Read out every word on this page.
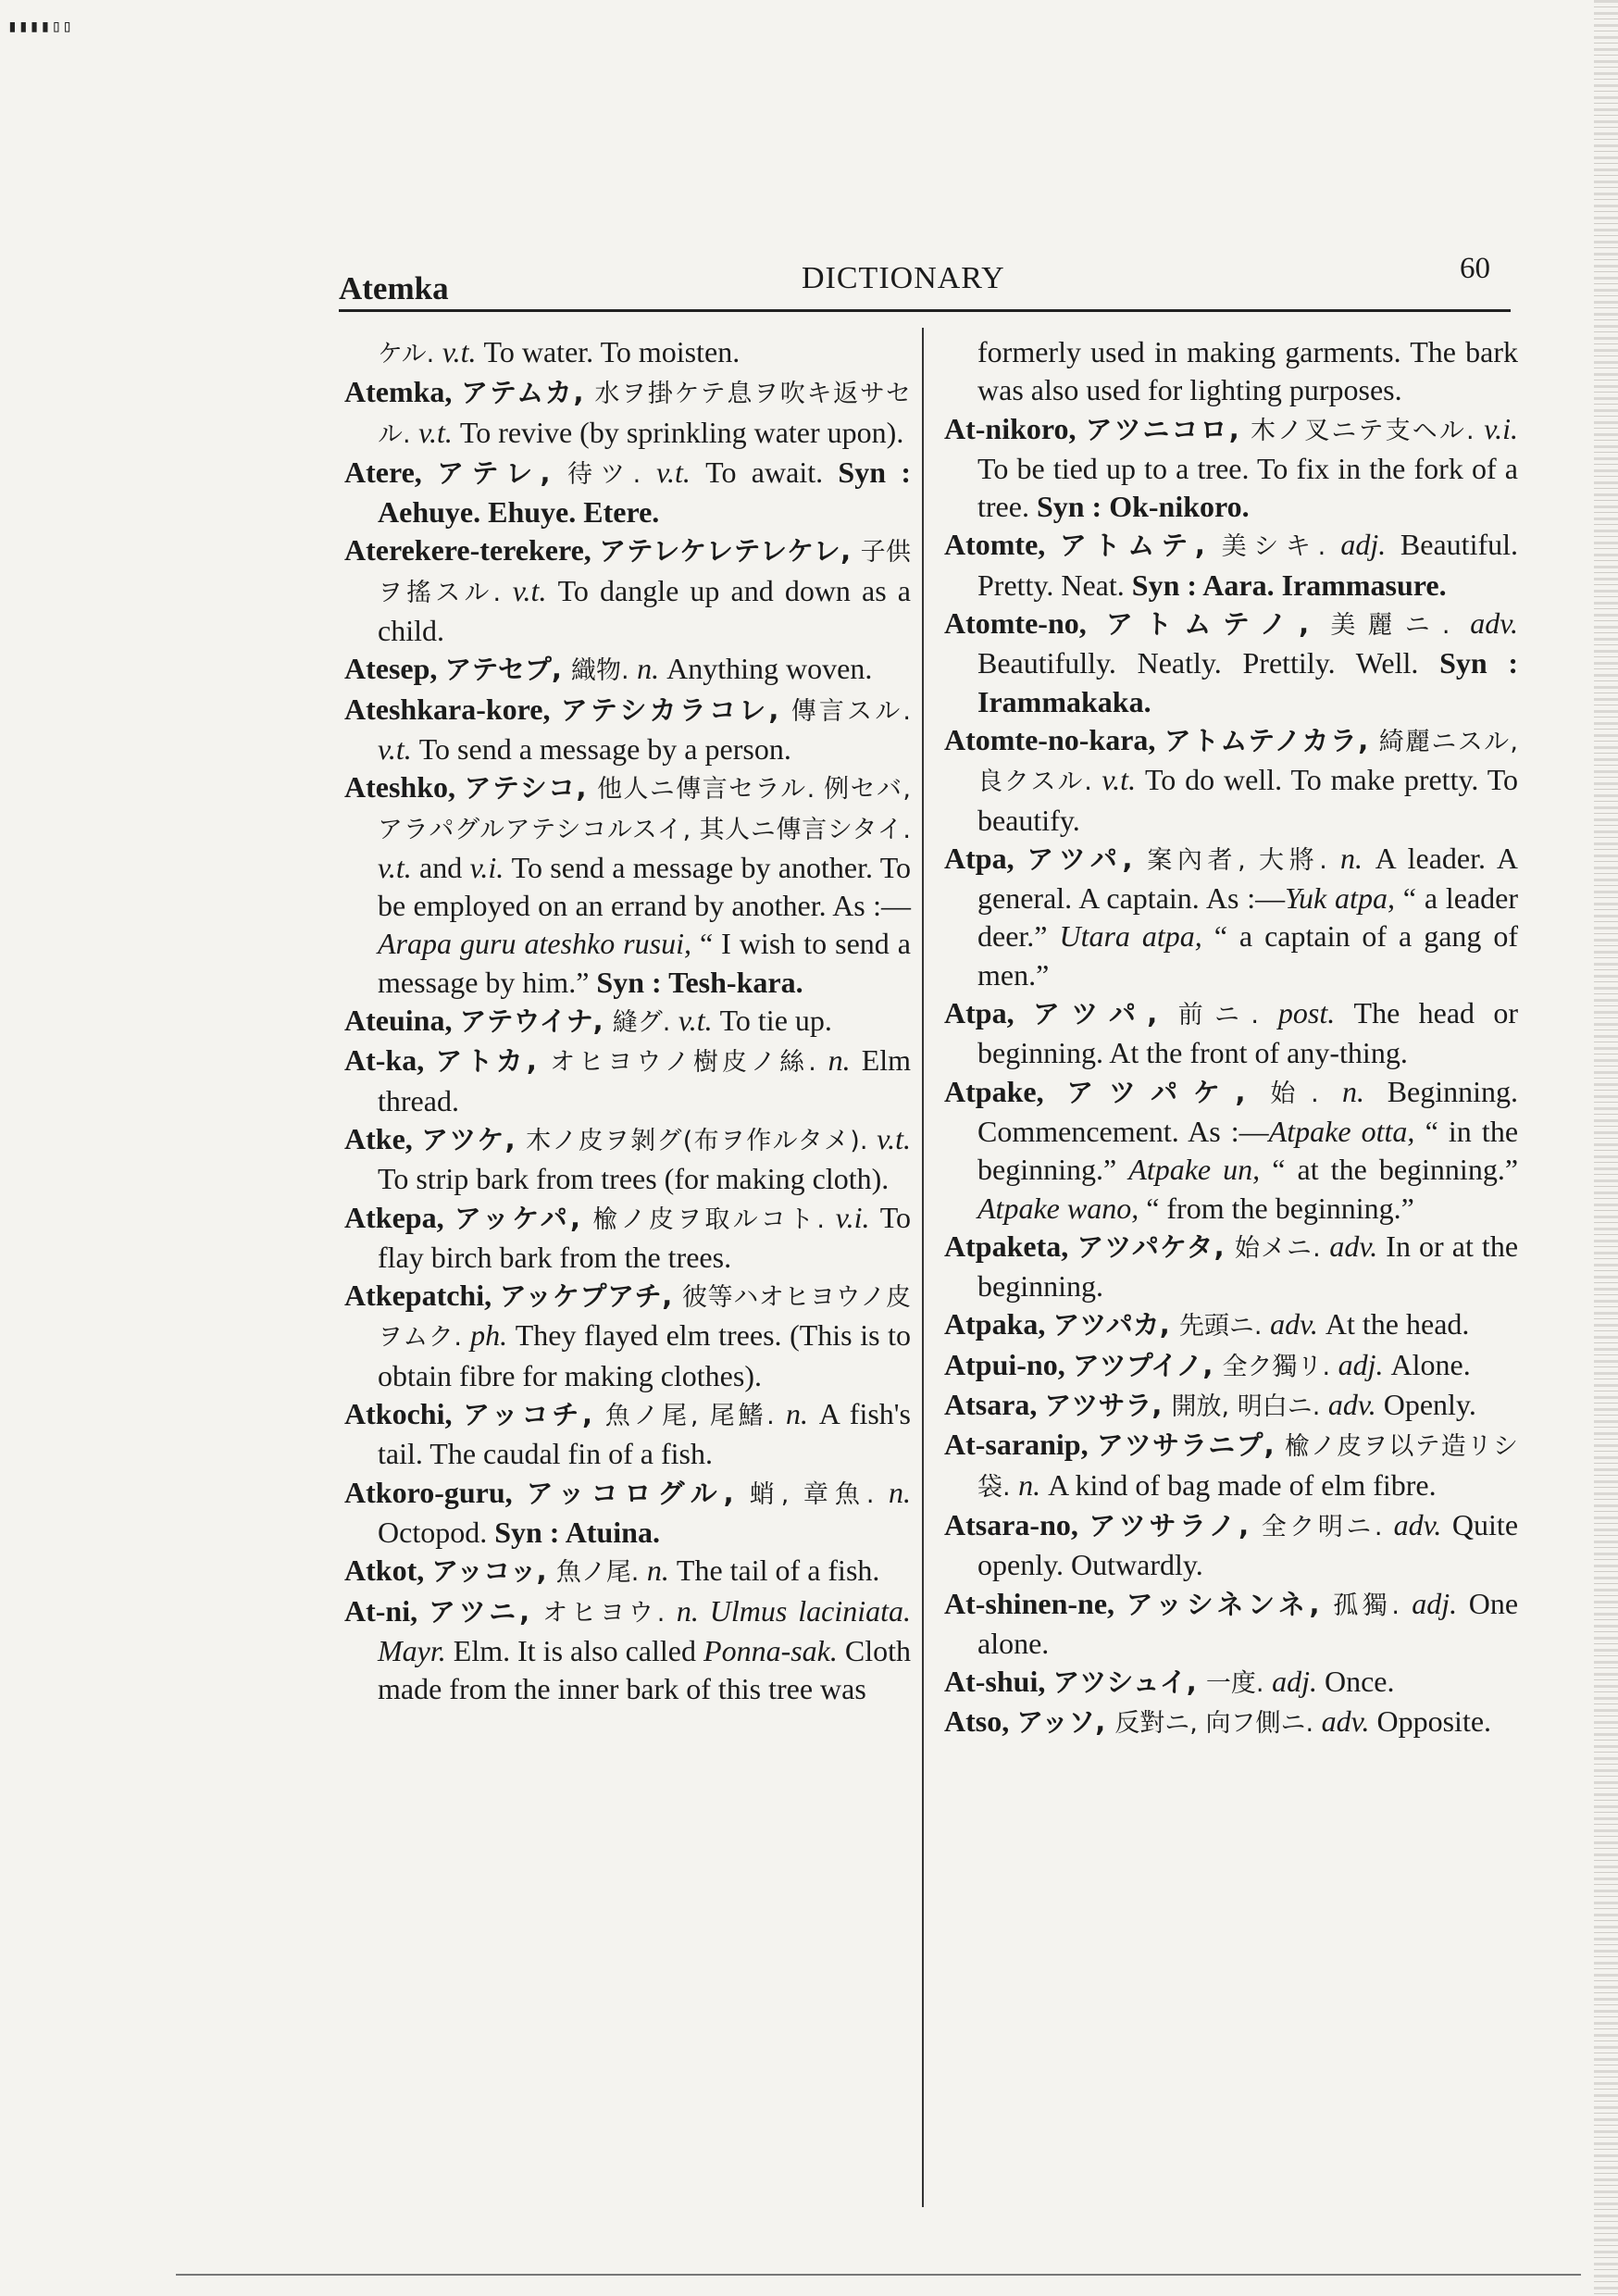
▮▮▮▮▯▯
Atemka	DICTIONARY	60

ケル. v.t. To water. To moisten.

Atemka, アテムカ, 水ヲ掛ケテ息ヲ吹キ返サセル. v.t. To revive (by sprinkling water upon).

Atere, アテレ, 待ツ. v.t. To await. Syn : Aehuye. Ehuye. Etere.

Aterekere-terekere, アテレケレテレケレ, 子供ヲ搖スル. v.t. To dangle up and down as a child.

Atesep, アテセプ, 織物. n. Anything woven.

Ateshkara-kore, アテシカラコレ, 傳言スル. v.t. To send a message by a person.

Ateshko, アテシコ, 他人ニ傳言セラル. 例セバ, アラパグルアテシコルスイ, 其人ニ傳言シタイ. v.t. and v.i. To send a message by another. To be employed on an errand by another. As :—Arapa guru ateshko rusui, “ I wish to send a message by him.” Syn : Tesh-kara.

Ateuina, アテウイナ, 縫グ. v.t. To tie up.

At-ka, アトカ, オヒヨウノ樹皮ノ絲. n. Elm thread.

Atke, アツケ, 木ノ皮ヲ剝グ(布ヲ作ルタメ). v.t. To strip bark from trees (for making cloth).

Atkepa, アッケパ, 楡ノ皮ヲ取ルコト. v.i. To flay birch bark from the trees.

Atkepatchi, アッケプアチ, 彼等ハオヒヨウノ皮ヲムク. ph. They flayed elm trees. (This is to obtain fibre for making clothes).

Atkochi, アッコチ, 魚ノ尾, 尾鰭. n. A fish's tail. The caudal fin of a fish.

Atkoro-guru, アッコログル, 蛸, 章魚. n. Octopod. Syn : Atuina.

Atkot, アッコッ, 魚ノ尾. n. The tail of a fish.

At-ni, アツニ, オヒヨウ. n. Ulmus laciniata. Mayr. Elm. It is also called Ponna-sak. Cloth made from the inner bark of this tree was

formerly used in making garments. The bark was also used for lighting purposes.

At-nikoro, アツニコロ, 木ノ叉ニテ支ヘル. v.i. To be tied up to a tree. To fix in the fork of a tree. Syn : Ok-nikoro.

Atomte, アトムテ, 美シキ. adj. Beautiful. Pretty. Neat. Syn : Aara. Irammasure.

Atomte-no, アトムテノ, 美麗ニ. adv. Beautifully. Neatly. Prettily. Well. Syn : Irammakaka.

Atomte-no-kara, アトムテノカラ, 綺麗ニスル, 良クスル. v.t. To do well. To make pretty. To beautify.

Atpa, アツパ, 案內者, 大將. n. A leader. A general. A captain. As :—Yuk atpa, “ a leader deer.” Utara atpa, “ a captain of a gang of men.”

Atpa, アツパ, 前ニ. post. The head or beginning. At the front of any-thing.

Atpake, アツパケ, 始. n. Beginning. Commencement. As :—Atpake otta, “ in the beginning.” Atpake un, “ at the beginning.” Atpake wano, “ from the beginning.”

Atpaketa, アツパケタ, 始メニ. adv. In or at the beginning.

Atpaka, アツパカ, 先頭ニ. adv. At the head.

Atpui-no, アツプイノ, 全ク獨リ. adj. Alone.

Atsara, アツサラ, 開放, 明白ニ. adv. Openly.

At-saranip, アツサラニプ, 楡ノ皮ヲ以テ造リシ袋. n. A kind of bag made of elm fibre.

Atsara-no, アツサラノ, 全ク明ニ. adv. Quite openly. Outwardly.

At-shinen-ne, アッシネンネ, 孤獨. adj. One alone.

At-shui, アツシュイ, 一度. adj. Once.

Atso, アッソ, 反對ニ, 向フ側ニ. adv. Opposite.
